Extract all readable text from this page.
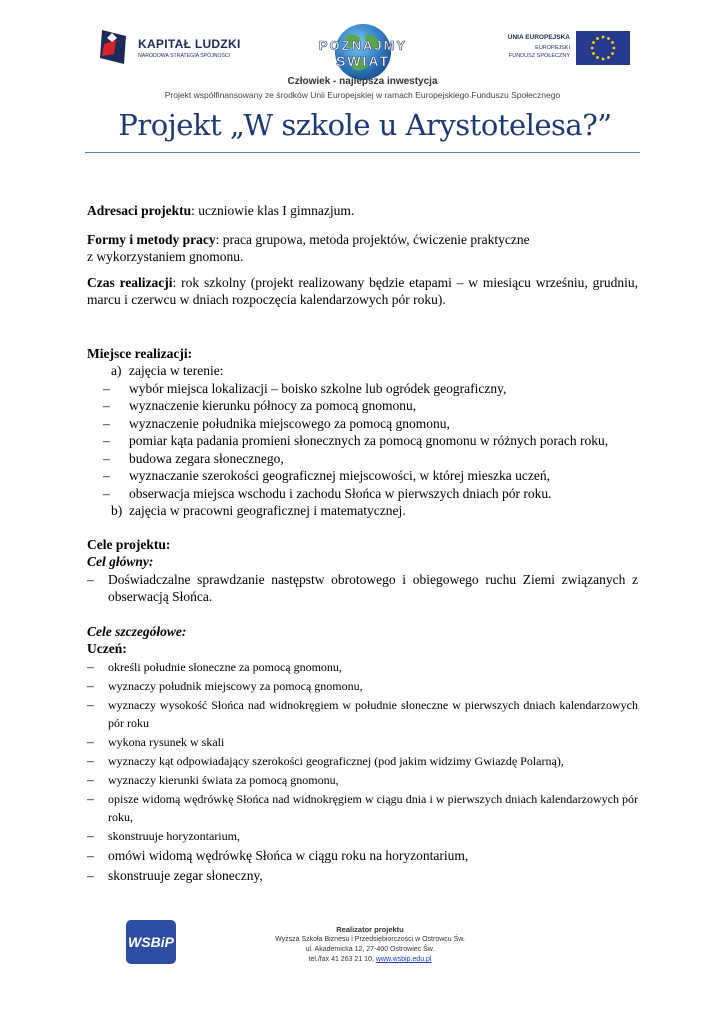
KAPITAŁ LUDZKI
NARODOWA STRATEGIA SPÓJNOŚCI
POZNAJMY
ŚWIAT
UNIA EUROPEJSKA
EUROPEJSKI
FUNDUSZ SPOŁECZNY
Człowiek - najlepsza inwestycja
Projekt współfinansowany ze środków Unii Europejskiej w ramach Europejskiego Funduszu Społecznego
Projekt „W szkole u Arystotelesa?”

Adresaci projektu: uczniowie klas I gimnazjum.

Formy i metody pracy: praca grupowa, metoda projektów, ćwiczenie praktyczne
z wykorzystaniem gnomonu.

Czas realizacji: rok szkolny (projekt realizowany będzie etapami – w miesiącu wrześniu, grudniu, marcu i czerwcu w dniach rozpoczęcia kalendarzowych pór roku).

Miejsce realizacji:

a) zajęcia w terenie:
– wybór miejsca lokalizacji – boisko szkolne lub ogródek geograficzny,
– wyznaczenie kierunku północy za pomocą gnomonu,
– wyznaczenie południka miejscowego za pomocą gnomonu,
– pomiar kąta padania promieni słonecznych za pomocą gnomonu w różnych porach roku,
– budowa zegara słonecznego,
– wyznaczanie szerokości geograficznej miejscowości, w której mieszka uczeń,
– obserwacja miejsca wschodu i zachodu Słońca w pierwszych dniach pór roku.
b) zajęcia w pracowni geograficznej i matematycznej.

Cele projektu:

Cel główny:

– Doświadczalne sprawdzanie następstw obrotowego i obiegowego ruchu Ziemi związanych z obserwacją Słońca.

Cele szczegółowe:

Uczeń:

– określi południe słoneczne za pomocą gnomonu,
– wyznaczy południk miejscowy za pomocą gnomonu,
– wyznaczy wysokość Słońca nad widnokręgiem w południe słoneczne w pierwszych dniach kalendarzowych pór roku
– wykona rysunek w skali
– wyznaczy kąt odpowiadający szerokości geograficznej (pod jakim widzimy Gwiazdę Polarną),
– wyznaczy kierunki świata za pomocą gnomonu,
– opisze widomą wędrówkę Słońca nad widnokręgiem w ciągu dnia i w pierwszych dniach kalendarzowych pór roku,
– skonstruuje horyzontarium,
– omówi widomą wędrówkę Słońca w ciągu roku na horyzontarium,
– skonstruuje zegar słoneczny,
WSBiP
Realizator projektu
Wyższa Szkoła Biznesu i Przedsiębiorczości w Ostrowcu Św.
ul. Akademicka 12, 27-400 Ostrowiec Św.
tel./fax 41 263 21 10, www.wsbip.edu.pl
